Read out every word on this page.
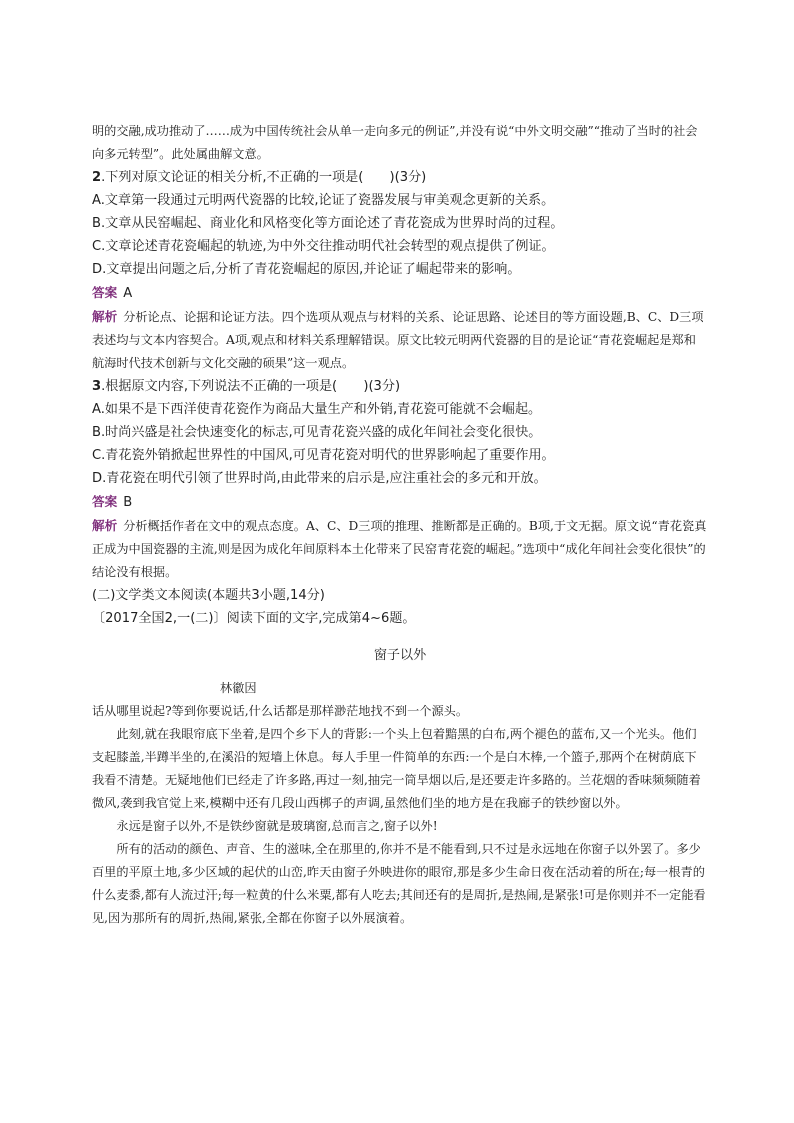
明的交融,成功推动了……成为中国传统社会从单一走向多元的例证”,并没有说“中外文明交融”“推动了当时的社会向多元转型”。此处属曲解文意。

2.下列对原文论证的相关分析,不正确的一项是(　　)(3分)

A.文章第一段通过元明两代瓷器的比较,论证了瓷器发展与审美观念更新的关系。

B.文章从民窑崛起、商业化和风格变化等方面论述了青花瓷成为世界时尚的过程。

C.文章论述青花瓷崛起的轨迹,为中外交往推动明代社会转型的观点提供了例证。

D.文章提出问题之后,分析了青花瓷崛起的原因,并论证了崛起带来的影响。

答案 A

解析 分析论点、论据和论证方法。四个选项从观点与材料的关系、论证思路、论述目的等方面设题,B、C、D三项表述均与文本内容契合。A项,观点和材料关系理解错误。原文比较元明两代瓷器的目的是论证“青花瓷崛起是郑和航海时代技术创新与文化交融的硕果”这一观点。

3.根据原文内容,下列说法不正确的一项是(　　)(3分)

A.如果不是下西洋使青花瓷作为商品大量生产和外销,青花瓷可能就不会崛起。

B.时尚兴盛是社会快速变化的标志,可见青花瓷兴盛的成化年间社会变化很快。

C.青花瓷外销掀起世界性的中国风,可见青花瓷对明代的世界影响起了重要作用。

D.青花瓷在明代引领了世界时尚,由此带来的启示是,应注重社会的多元和开放。

答案 B

解析 分析概括作者在文中的观点态度。A、C、D三项的推理、推断都是正确的。B项,于文无据。原文说“青花瓷真正成为中国瓷器的主流,则是因为成化年间原料本土化带来了民窑青花瓷的崛起。”选项中“成化年间社会变化很快”的结论没有根据。

(二)文学类文本阅读(本题共3小题,14分)

〔2017全国2,一(二)〕阅读下面的文字,完成第4~6题。

窗子以外

林徽因

话从哪里说起?等到你要说话,什么话都是那样渺茫地找不到一个源头。

此刻,就在我眼帘底下坐着,是四个乡下人的背影:一个头上包着黯黑的白布,两个褪色的蓝布,又一个光头。他们支起膝盖,半蹲半坐的,在溪沿的短墙上休息。每人手里一件简单的东西:一个是白木棒,一个篮子,那两个在树荫底下我看不清楚。无疑地他们已经走了许多路,再过一刻,抽完一筒旱烟以后,是还要走许多路的。兰花烟的香味频频随着微风,袭到我官觉上来,模糊中还有几段山西梆子的声调,虽然他们坐的地方是在我廊子的铁纱窗以外。

永远是窗子以外,不是铁纱窗就是玻璃窗,总而言之,窗子以外!

所有的活动的颜色、声音、生的滋味,全在那里的,你并不是不能看到,只不过是永远地在你窗子以外罢了。多少百里的平原土地,多少区域的起伏的山峦,昨天由窗子外映进你的眼帘,那是多少生命日夜在活动着的所在;每一根青的什么麦黍,都有人流过汗;每一粒黄的什么米粟,都有人吃去;其间还有的是周折,是热闹,是紧张!可是你则并不一定能看见,因为那所有的周折,热闹,紧张,全都在你窗子以外展演着。
